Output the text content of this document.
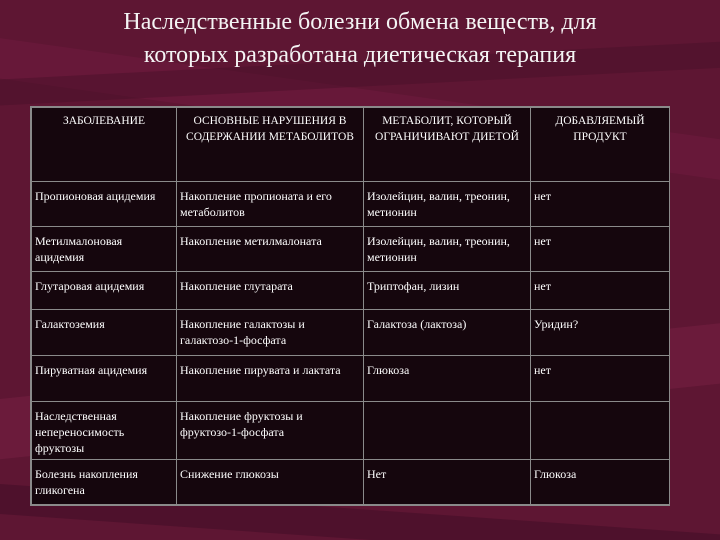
Наследственные болезни обмена веществ, для
которых разработана диетическая терапия
ЗАБОЛЕВАНИЕ	ОСНОВНЫЕ НАРУШЕНИЯ В СОДЕРЖАНИИ МЕТАБОЛИТОВ	МЕТАБОЛИТ, КОТОРЫЙ ОГРАНИЧИВАЮТ ДИЕТОЙ	ДОБАВЛЯЕМЫЙ ПРОДУКТ
Пропионовая ацидемия	Накопление пропионата и его метаболитов	Изолейцин, валин, треонин, метионин	нет
Метилмалоновая ацидемия	Накопление метилмалоната	Изолейцин, валин, треонин, метионин	нет
Глутаровая ацидемия	Накопление глутарата	Триптофан, лизин	нет
Галактоземия	Накопление галактозы и галактозо-1-фосфата	Галактоза (лактоза)	Уридин?
Пируватная ацидемия	Накопление пирувата и лактата	Глюкоза	нет
Наследственная непереносимость фруктозы	Накопление фруктозы и фруктозо-1-фосфата		
Болезнь накопления гликогена	Снижение глюкозы	Нет	Глюкоза
